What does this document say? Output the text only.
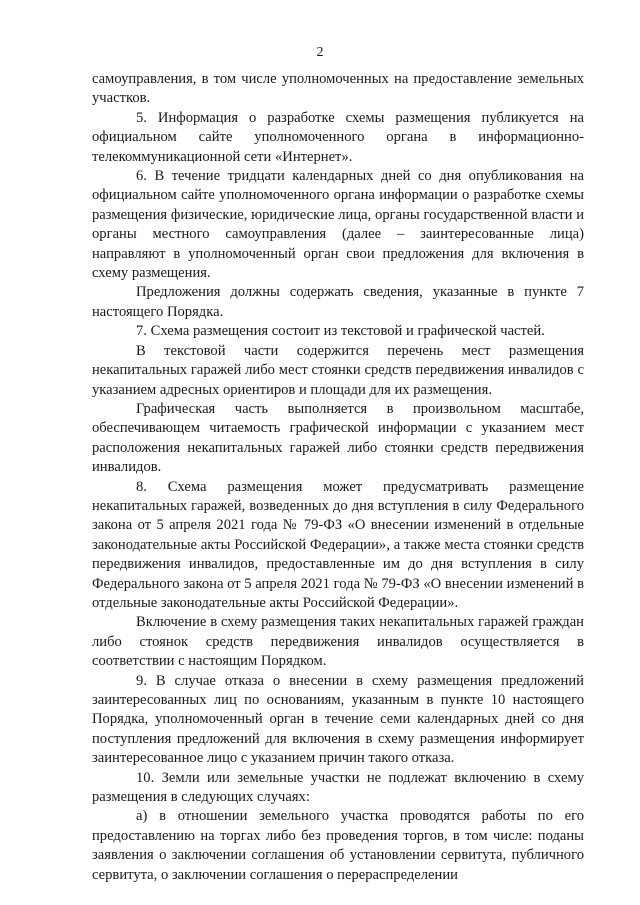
2

самоуправления, в том числе уполномоченных на предоставление земельных участков.

5. Информация о разработке схемы размещения публикуется на официальном сайте уполномоченного органа в информационно-телекоммуникационной сети «Интернет».

6. В течение тридцати календарных дней со дня опубликования на официальном сайте уполномоченного органа информации о разработке схемы размещения физические, юридические лица, органы государственной власти и органы местного самоуправления (далее – заинтересованные лица) направляют в уполномоченный орган свои предложения для включения в схему размещения.

Предложения должны содержать сведения, указанные в пункте 7 настоящего Порядка.

7. Схема размещения состоит из текстовой и графической частей.

В текстовой части содержится перечень мест размещения некапитальных гаражей либо мест стоянки средств передвижения инвалидов с указанием адресных ориентиров и площади для их размещения.

Графическая часть выполняется в произвольном масштабе, обеспечивающем читаемость графической информации с указанием мест расположения некапитальных гаражей либо стоянки средств передвижения инвалидов.

8. Схема размещения может предусматривать размещение некапитальных гаражей, возведенных до дня вступления в силу Федерального закона от 5 апреля 2021 года № 79-ФЗ «О внесении изменений в отдельные законодательные акты Российской Федерации», а также места стоянки средств передвижения инвалидов, предоставленные им до дня вступления в силу Федерального закона от 5 апреля 2021 года № 79-ФЗ «О внесении изменений в отдельные законодательные акты Российской Федерации».

Включение в схему размещения таких некапитальных гаражей граждан либо стоянок средств передвижения инвалидов осуществляется в соответствии с настоящим Порядком.

9. В случае отказа о внесении в схему размещения предложений заинтересованных лиц по основаниям, указанным в пункте 10 настоящего Порядка, уполномоченный орган в течение семи календарных дней со дня поступления предложений для включения в схему размещения информирует заинтересованное лицо с указанием причин такого отказа.

10. Земли или земельные участки не подлежат включению в схему размещения в следующих случаях:

а) в отношении земельного участка проводятся работы по его предоставлению на торгах либо без проведения торгов, в том числе: поданы заявления о заключении соглашения об установлении сервитута, публичного сервитута, о заключении соглашения о перераспределении
